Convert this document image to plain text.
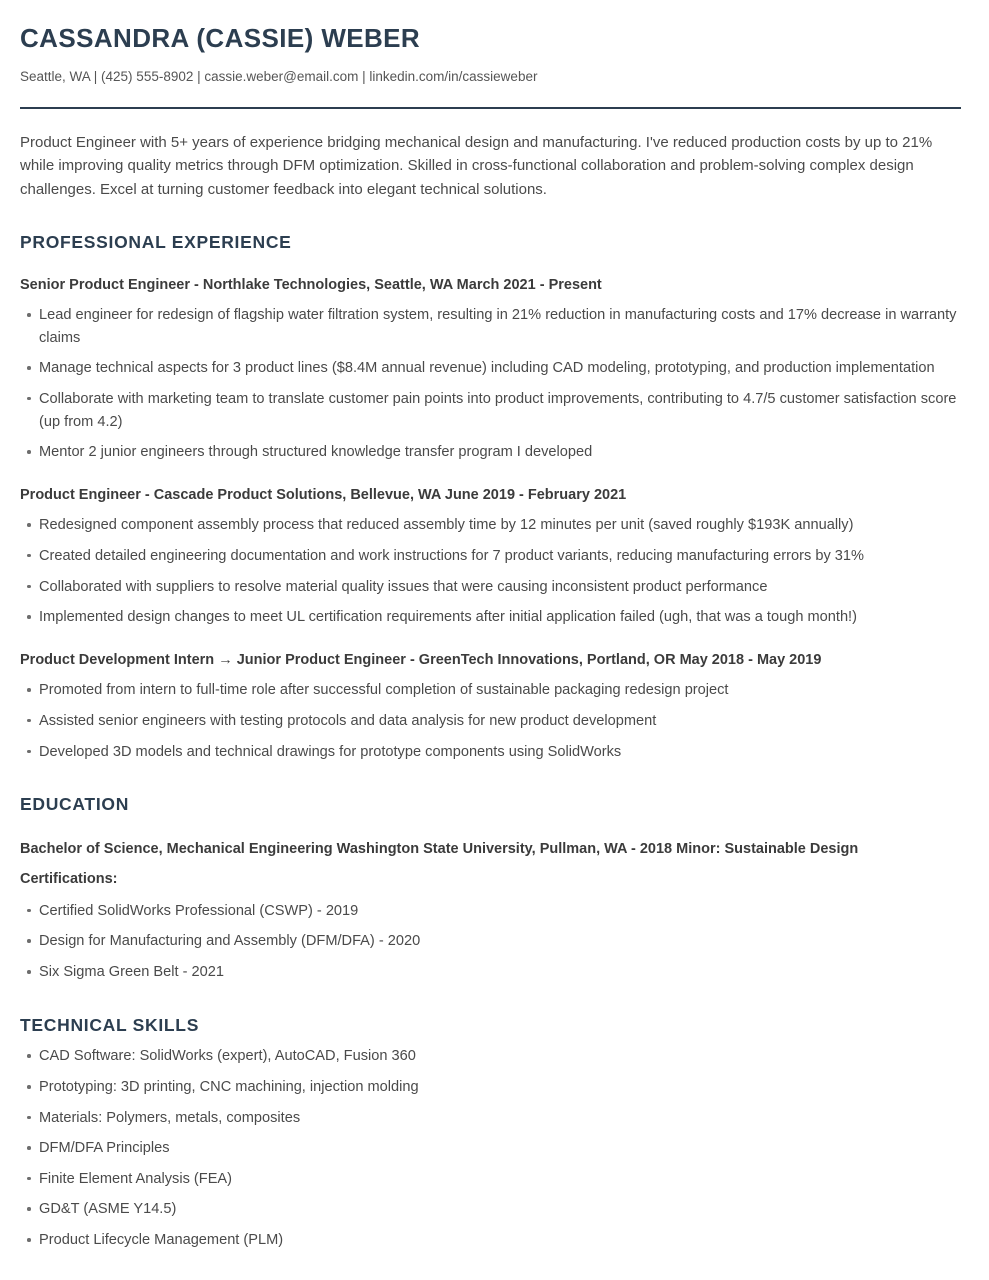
CASSANDRA (CASSIE) WEBER
Seattle, WA | (425) 555-8902 | cassie.weber@email.com | linkedin.com/in/cassieweber

Product Engineer with 5+ years of experience bridging mechanical design and manufacturing. I've reduced production costs by up to 21% while improving quality metrics through DFM optimization. Skilled in cross-functional collaboration and problem-solving complex design challenges. Excel at turning customer feedback into elegant technical solutions.

PROFESSIONAL EXPERIENCE
Senior Product Engineer - Northlake Technologies, Seattle, WA March 2021 - Present
Lead engineer for redesign of flagship water filtration system, resulting in 21% reduction in manufacturing costs and 17% decrease in warranty claims
Manage technical aspects for 3 product lines ($8.4M annual revenue) including CAD modeling, prototyping, and production implementation
Collaborate with marketing team to translate customer pain points into product improvements, contributing to 4.7/5 customer satisfaction score (up from 4.2)
Mentor 2 junior engineers through structured knowledge transfer program I developed
Product Engineer - Cascade Product Solutions, Bellevue, WA June 2019 - February 2021
Redesigned component assembly process that reduced assembly time by 12 minutes per unit (saved roughly $193K annually)
Created detailed engineering documentation and work instructions for 7 product variants, reducing manufacturing errors by 31%
Collaborated with suppliers to resolve material quality issues that were causing inconsistent product performance
Implemented design changes to meet UL certification requirements after initial application failed (ugh, that was a tough month!)
Product Development Intern → Junior Product Engineer - GreenTech Innovations, Portland, OR May 2018 - May 2019
Promoted from intern to full-time role after successful completion of sustainable packaging redesign project
Assisted senior engineers with testing protocols and data analysis for new product development
Developed 3D models and technical drawings for prototype components using SolidWorks
EDUCATION
Bachelor of Science, Mechanical Engineering Washington State University, Pullman, WA - 2018 Minor: Sustainable Design
Certifications:
Certified SolidWorks Professional (CSWP) - 2019
Design for Manufacturing and Assembly (DFM/DFA) - 2020
Six Sigma Green Belt - 2021
TECHNICAL SKILLS
CAD Software: SolidWorks (expert), AutoCAD, Fusion 360
Prototyping: 3D printing, CNC machining, injection molding
Materials: Polymers, metals, composites
DFM/DFA Principles
Finite Element Analysis (FEA)
GD&T (ASME Y14.5)
Product Lifecycle Management (PLM)
